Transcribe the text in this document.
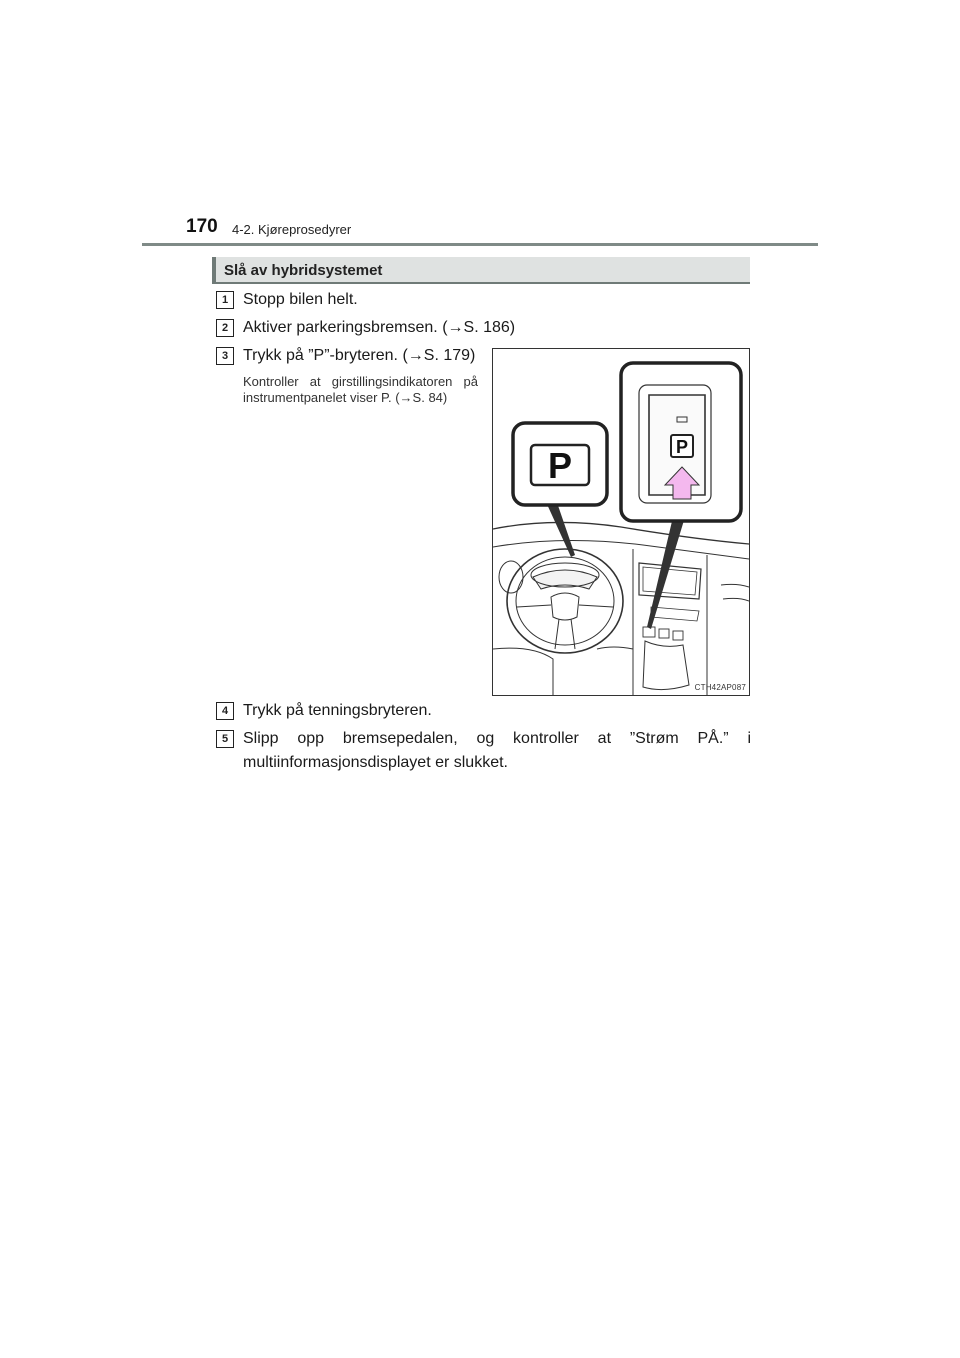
170 4-2. Kjøreprosedyrer
Slå av hybridsystemet
1 Stopp bilen helt.
2 Aktiver parkeringsbremsen. (→S. 186)
3 Trykk på ”P”-bryteren. (→S. 179)
Kontroller at girstillingsindikatoren på instrumentpanelet viser P. (→S. 84)
P	P
CTH42AP087
4 Trykk på tenningsbryteren.
5 Slipp opp bremsepedalen, og kontroller at ”Strøm PÅ.” i multiinformasjonsdisplayet er slukket.
